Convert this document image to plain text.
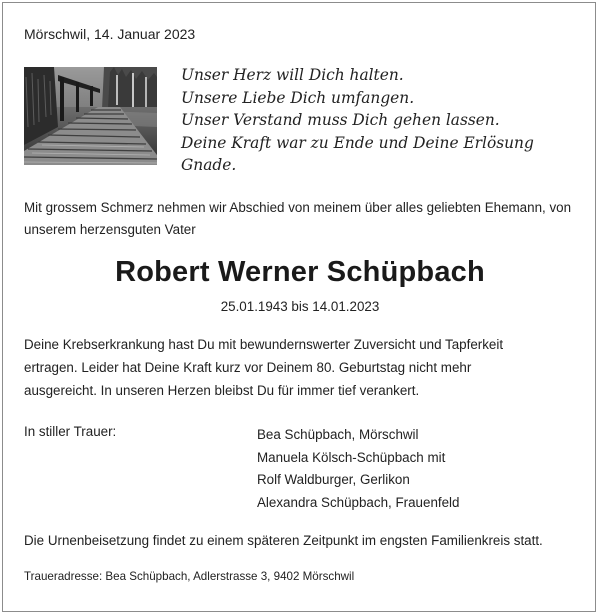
Mörschwil, 14. Januar 2023
Unser Herz will Dich halten.
Unsere Liebe Dich umfangen.
Unser Verstand muss Dich gehen lassen.
Deine Kraft war zu Ende und Deine Erlösung
Gnade.
Mit grossem Schmerz nehmen wir Abschied von meinem über alles geliebten Ehemann, von unserem herzensguten Vater
Robert Werner Schüpbach
25.01.1943 bis 14.01.2023
Deine Krebserkrankung hast Du mit bewundernswerter Zuversicht und Tapferkeit
ertragen. Leider hat Deine Kraft kurz vor Deinem 80. Geburtstag nicht mehr
ausgereicht. In unseren Herzen bleibst Du für immer tief verankert.
In stiller Trauer:	Bea Schüpbach, Mörschwil
Manuela Kölsch-Schüpbach mit
Rolf Waldburger, Gerlikon
Alexandra Schüpbach, Frauenfeld
Die Urnenbeisetzung findet zu einem späteren Zeitpunkt im engsten Familienkreis statt.
Traueradresse: Bea Schüpbach, Adlerstrasse 3, 9402 Mörschwil
